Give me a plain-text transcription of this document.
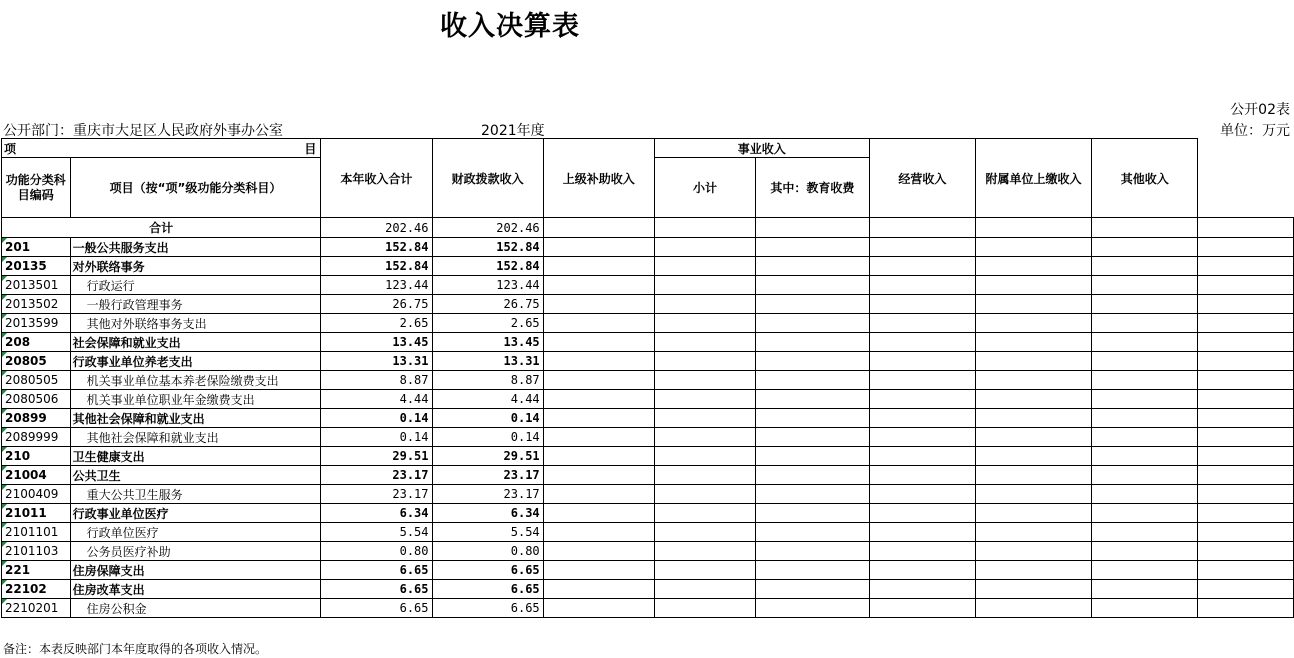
收入决算表
公开02表
公开部门：重庆市大足区人民政府外事办公室	2021年度	单位：万元
项 目		本年收入合计	财政拨款收入	上级补助收入	事业收入		经营收入	附属单位上缴收入	其他收入	
功能分类科目编码	项目（按“项”级功能分类科目）									
					小计	其中：教育收费				
合计		202.46	202.46							

201	一般公共服务支出	152.84	152.84							

20135	对外联络事务	152.84	152.84							

2013501	行政运行	123.44	123.44							

2013502	一般行政管理事务	26.75	26.75							

2013599	其他对外联络事务支出	2.65	2.65							

208	社会保障和就业支出	13.45	13.45							

20805	行政事业单位养老支出	13.31	13.31							

2080505	机关事业单位基本养老保险缴费支出	8.87	8.87							

2080506	机关事业单位职业年金缴费支出	4.44	4.44							

20899	其他社会保障和就业支出	0.14	0.14							

2089999	其他社会保障和就业支出	0.14	0.14							

210	卫生健康支出	29.51	29.51							

21004	公共卫生	23.17	23.17							

2100409	重大公共卫生服务	23.17	23.17							

21011	行政事业单位医疗	6.34	6.34							

2101101	行政单位医疗	5.54	5.54							

2101103	公务员医疗补助	0.80	0.80							

221	住房保障支出	6.65	6.65							

22102	住房改革支出	6.65	6.65							

2210201	住房公积金	6.65	6.65							
备注：本表反映部门本年度取得的各项收入情况。
